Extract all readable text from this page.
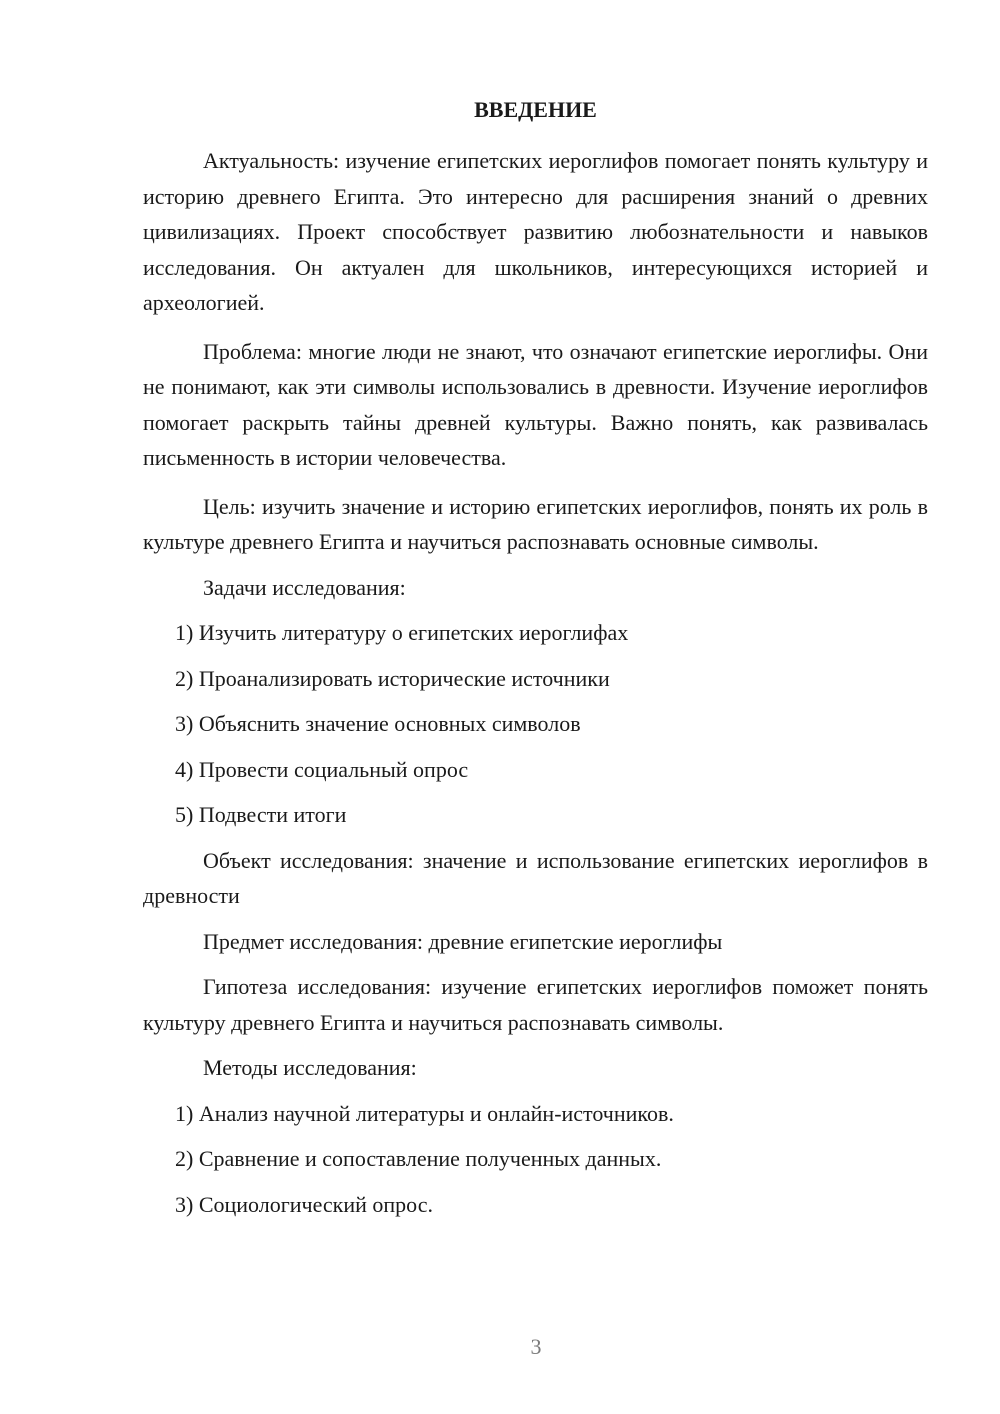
ВВЕДЕНИЕ

Актуальность: изучение египетских иероглифов помогает понять культуру и историю древнего Египта. Это интересно для расширения знаний о древних цивилизациях. Проект способствует развитию любознательности и навыков исследования. Он актуален для школьников, интересующихся историей и археологией.

Проблема: многие люди не знают, что означают египетские иероглифы. Они не понимают, как эти символы использовались в древности. Изучение иероглифов помогает раскрыть тайны древней культуры. Важно понять, как развивалась письменность в истории человечества.

Цель: изучить значение и историю египетских иероглифов, понять их роль в культуре древнего Египта и научиться распознавать основные символы.

Задачи исследования:
1) Изучить литературу о египетских иероглифах
2) Проанализировать исторические источники
3) Объяснить значение основных символов
4) Провести социальный опрос
5) Подвести итоги

Объект исследования: значение и использование египетских иероглифов в древности

Предмет исследования: древние египетские иероглифы

Гипотеза исследования: изучение египетских иероглифов поможет понять культуру древнего Египта и научиться распознавать символы.

Методы исследования:
1) Анализ научной литературы и онлайн-источников.
2) Сравнение и сопоставление полученных данных.
3) Социологический опрос.
3
